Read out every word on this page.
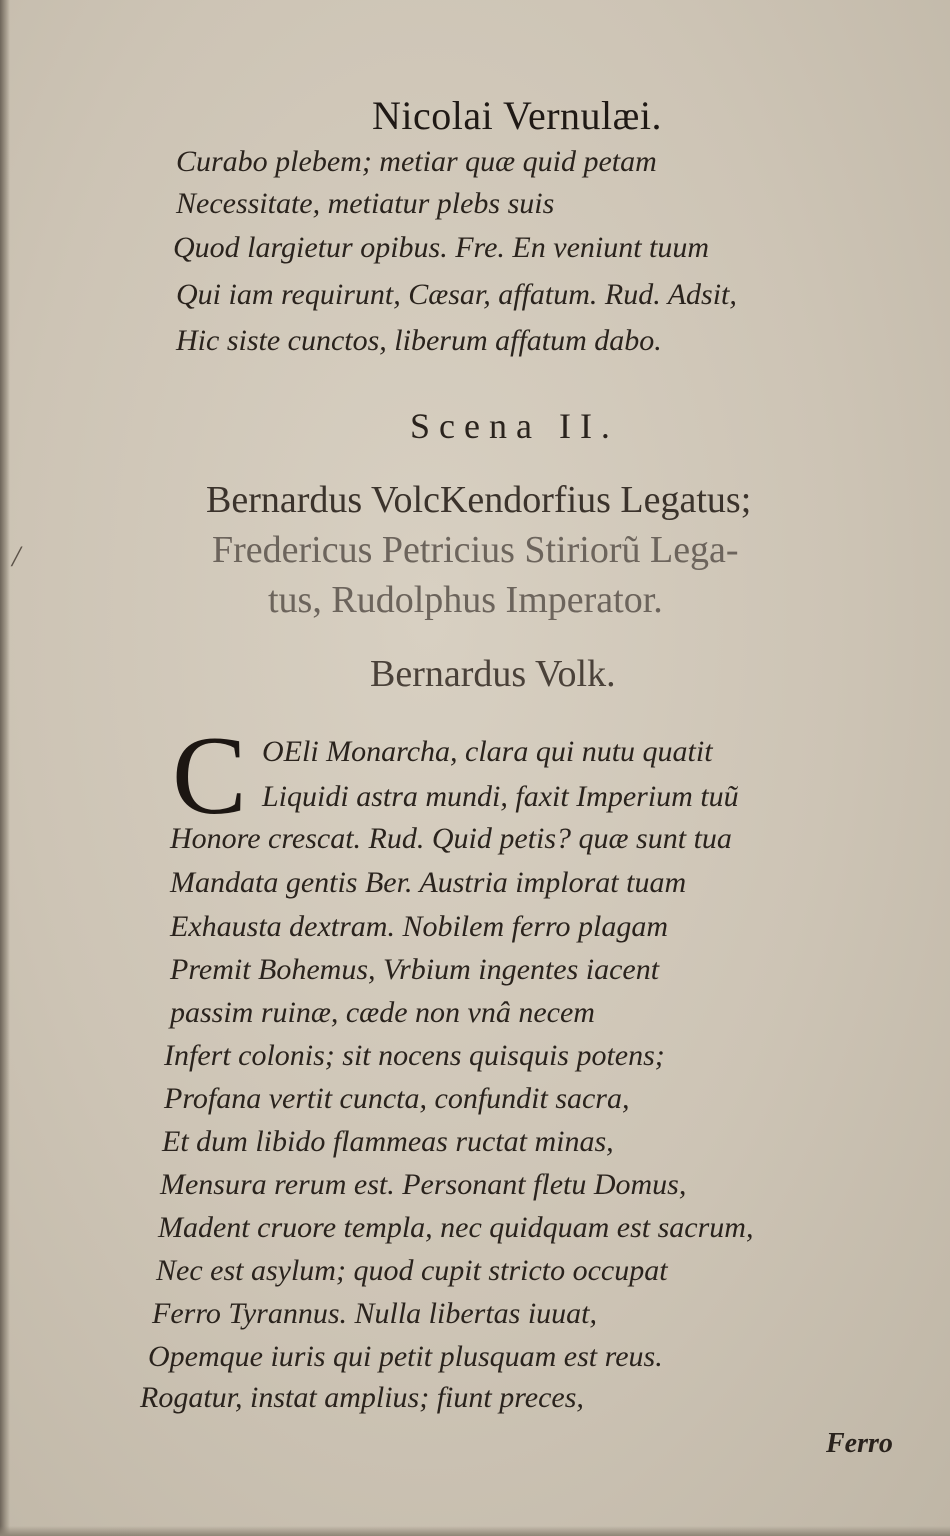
/
Nicolai Vernulæi.
Curabo plebem; metiar quæ quid petam
Necessitate, metiatur plebs suis
Quod largietur opibus. Fre. En veniunt tuum
Qui iam requirunt, Cæsar, affatum. Rud. Adsit,
Hic siste cunctos, liberum affatum dabo.
Scena II.
Bernardus VolcKendorfius Legatus;
Fredericus Petricius Stiriorũ Lega-
tus, Rudolphus Imperator.
Bernardus Volk.
C OEli Monarcha, clara qui nutu quatit
Liquidi astra mundi, faxit Imperium tuũ
Honore crescat. Rud. Quid petis? quæ sunt tua
Mandata gentis Ber. Austria implorat tuam
Exhausta dextram. Nobilem ferro plagam
Premit Bohemus, Vrbium ingentes iacent
passim ruinæ, cæde non vnâ necem
Infert colonis; sit nocens quisquis potens;
Profana vertit cuncta, confundit sacra,
Et dum libido flammeas ructat minas,
Mensura rerum est. Personant fletu Domus,
Madent cruore templa, nec quidquam est sacrum,
Nec est asylum; quod cupit stricto occupat
Ferro Tyrannus. Nulla libertas iuuat,
Opemque iuris qui petit plusquam est reus.
Rogatur, instat amplius; fiunt preces,
Ferro
